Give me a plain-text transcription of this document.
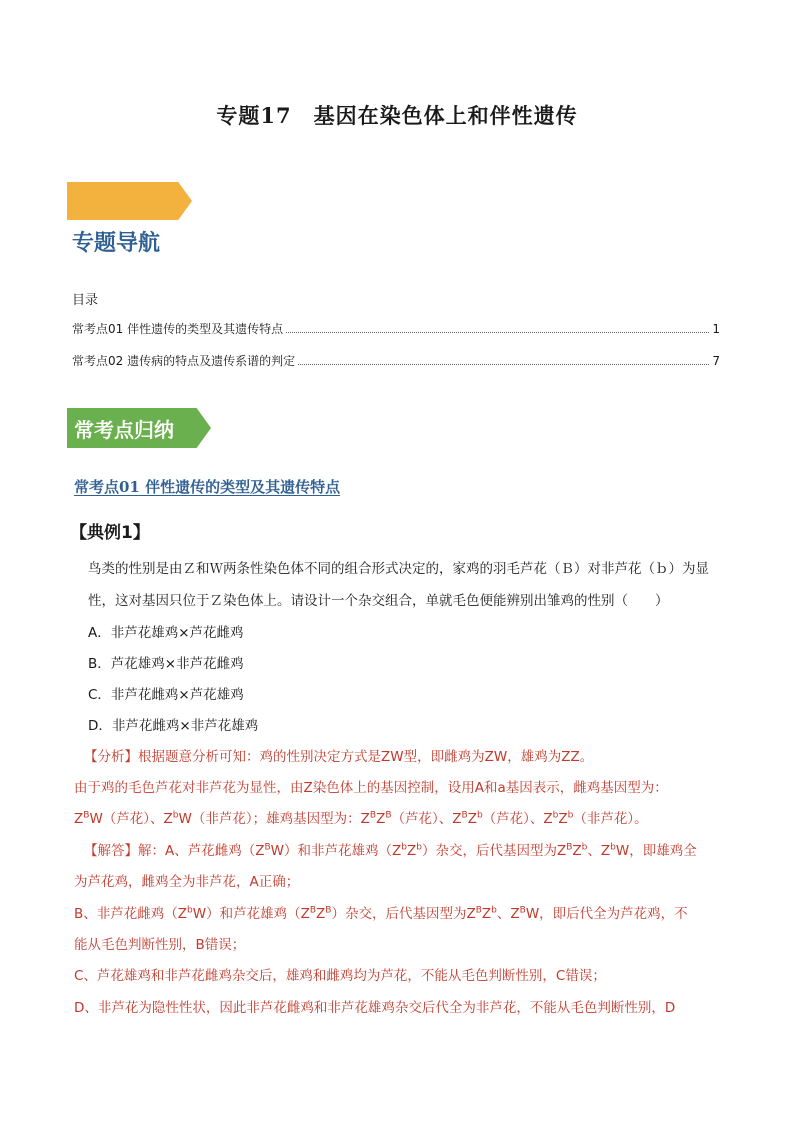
专题17　基因在染色体上和伴性遗传
专题导航
目录
常考点01 伴性遗传的类型及其遗传特点	1
常考点02 遗传病的特点及遗传系谱的判定	7
常考点归纳
常考点01 伴性遗传的类型及其遗传特点
【典例1】
鸟类的性别是由Ｚ和Ｗ两条性染色体不同的组合形式决定的，家鸡的羽毛芦花（Ｂ）对非芦花（ｂ）为显
性，这对基因只位于Ｚ染色体上。请设计一个杂交组合，单就毛色便能辨别出雏鸡的性别（　　）
A．非芦花雄鸡×芦花雌鸡
B．芦花雄鸡×非芦花雌鸡
C．非芦花雌鸡×芦花雄鸡
D．非芦花雌鸡×非芦花雄鸡
【分析】根据题意分析可知：鸡的性别决定方式是ZW型，即雌鸡为ZW，雄鸡为ZZ。
由于鸡的毛色芦花对非芦花为显性，由Z染色体上的基因控制，设用A和a基因表示，雌鸡基因型为：
$Z^BW$（芦花）、$Z^bW$（非芦花）；雄鸡基因型为：$Z^BZ^B$（芦花）、$Z^BZ^b$（芦花）、$Z^bZ^b$（非芦花）。
【解答】解：A、芦花雌鸡$(Z^BW)$和非芦花雄鸡$(Z^bZ^b)$杂交，后代基因型为$Z^BZ^b$、$Z^bW$，即雄鸡全
为芦花鸡，雌鸡全为非芦花，A正确；
B、非芦花雌鸡$(Z^bW)$和芦花雄鸡$(Z^BZ^B)$杂交，后代基因型为$Z^BZ^b$、$Z^BW$，即后代全为芦花鸡，不
能从毛色判断性别，B错误；
C、芦花雄鸡和非芦花雌鸡杂交后，雄鸡和雌鸡均为芦花，不能从毛色判断性别，C错误；
D、非芦花为隐性性状，因此非芦花雌鸡和非芦花雄鸡杂交后代全为非芦花，不能从毛色判断性别，D
